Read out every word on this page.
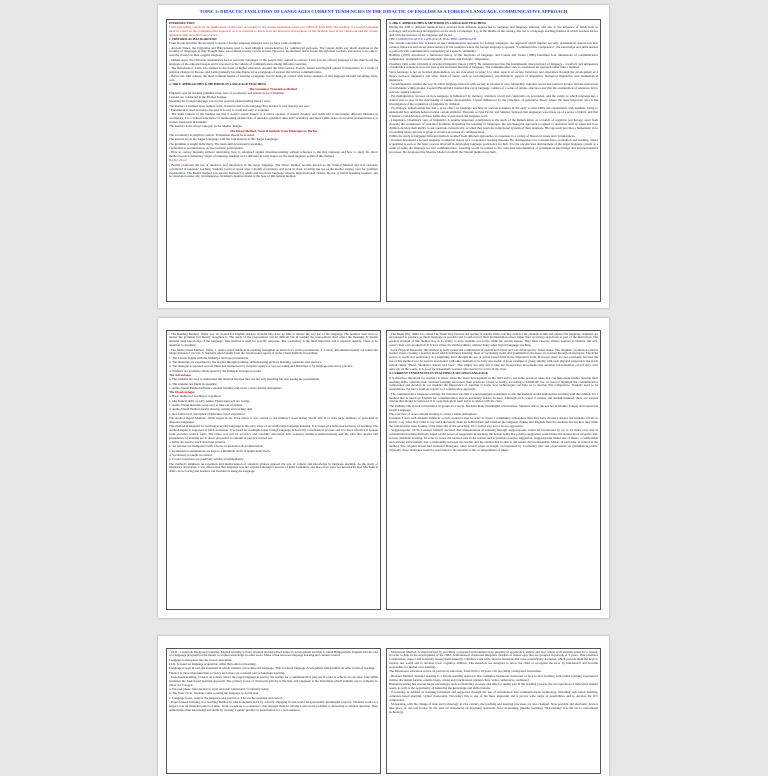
TOPIC 3: DIDACTIC EVOLUTION OF LANGUAGES CURRENT TENDENCIES IN THE DIDACTIC OF ENGLISH AS A FOREIGN LANGUAGE. COMMUNICATIVE APPROACH

INTRODUCTION

I will start telling you about the justification of this topic. According to our current legislation, based on LOMLOE from 2020, the teaching of a foreign language must be based on the communicative approach, so it is essential to know both the historical development of the methods used in the classroom and the current tendencies that lie behind our practice.

1. HISTORICAL BACKGROUND

From the ancient time the necessity to speak a foreign language emerged, here we have some examples:

- Ancient Times, the Egyptians and Babylonians used to need bilingual representatives for commercial purposes. The Greeks didn't pay much attention to the learning of languages as they thought there was nothing worthy to read abroad. However, the Romans learnt Greek through their teachers and slaves to be able to read the classics in their original language.

- Middle Ages, the Christian missionaries had to learn the languages of the people they wanted to convert. Latin was the official language of the church and the language of the educated people and it was used as the vehicle of communication among different countries.

- The Renaissance, Latin was studied as the basis of higher education. Around the 16th century, French, Italian and English gained in importance as a result of political changes in Europe, and Latin gradually became displaced as a language of spoken and written communication.

- Before the 19th century, the most common means of learning a language was by being in contact with native speakers of that language through travelling, trade, war...

2. 19th C APPROACHES & METHODS IN LANGUAGE TEACHING

The Grammar Translation Method.

Emphasis was on learning grammar rules, lists of vocabulary and sentences for translation.

Lessons are conducted in the Mother Tongue.

Speaking the foreign language was not the goal but understanding literary texts.

The learners translated great authors texts, classical ones so the language they learned is very literary, not real.

• Translation is used nowadays because it is easy to teach and easy to evaluate.

- The main failures of the method are that it doesn't sound natural to a native speaker, it doesn't develop oral skills and it encourages different mistakes in vocabulary, it is a tedious experience of memorizing endless lists of unusable grammar rules and vocabulary and there's little stress on accurate pronunciation as it creates frustration in students.

The learners don't always take part in the Mother Tongue.

The Direct Method. Natural methods from Montaigne to Berlitz

The vocabulary is taught in context. Translation should be avoided.

The lessons are in the Target Language with the explanations in this Target Language.

The grammar is taught inductively. The main skill developed is speaking.

• Attention to pronunciation. Active learners' participation.

- How to convey meaning without translating, how to safeguard against misunderstanding without reference to the first language and how to apply the direct method beyond elementary stages of language learning as it's different in early stages are the main negative points of this method.

Berlitz school

- Berlitz promoted the use of intensive oral interaction in the target language. The Direct method became known as the Natural Method and was seriously considered in language teaching. Students learnt to speak after a month of intensive oral work in class, avoiding the use of the mother tongue, ever for grammar explanations. The Berlitz method was used in business for adults and in private language schools, high motivated classes, the use of native speaking teachers, and no translation under any circumstances. Krashen's monitor model is the base of this natural method.

3. 20th C APPROACHES & METHODS IN LANGUAGE TEACHING

During the 20th C different methods have evolved from different approaches to language and language learning, and also to the influence of fields such as sociology and psychology & linguistics on the study of language. E.g. in the middle of the century, this led to a language teaching method in which teachers had to deal with the structure of the language and its use.

THE COMMUNICATIVE LANGUAGE TEACHING APPROACH

The current education law is based on the communicative approach for foreign languages. An approach which implies not only grammatical aspects but also cultural, historical and social characteristics of the countries where the foreign language is spoken. "Communicative competence", the knowledge and skills needed to perform with communicative competency in a speech community.

Halliday (1970) introduced a functional theory of the functions of language, and Canale and Swain (1980) identified four dimensions of communicative competence: grammatical, sociolinguistic, discourse and strategic competence.

Chomsky built some criticism of structural linguistic theory (1957). He demonstrated that the fundamental characteristics of language - creativity and uniqueness of individual sentences were not part of the structural theories of language. The communicative view is considered an approach rather than a method.

Since language is not an isolated phenomenon, we are concerned to relate it to other aspects of society, behaviour and experience through the development of a theory between linguistics and other fields of study, such as sociolinguistics, psychological aspects of linguistics, biological linguistics, and mathematical linguistics.

- Sociolinguistics, studies the way in which language interacts with society in relation to race, nationality, regional, social and political groups, and the interaction of individuals within groups. Leonard Bloomfield claimed that every language consists of a series of unique structures and that the examination of sentences led to concrete regular patterns.

- Psycholinguistics, focuses on how language is influenced by memory, attention, recall and constraints on perception, and the extent to which language has a central role to play in the functioning of human development. Crystal influenced by the principles of generative theory where the most important area is the investigation of the acquisition of language by children.

- Psychology, behaviourism has had a great effect on language teaching as various scientists in the early to mid-1900s did experiments with animals, trying to understand how animals behaved under certain stimulus. Theorists as Ivan Pavlov and Skinner, believed that languages were made up of a series of habits, and that if learners could develop all these habits they would speak the language well.

- Linguistics, Chomsky's view of linguistics is another important contribution to the study of the human mind, as a branch of cognitive psychology, apart from showing the weaknesses of structural grammar. Regarding the teaching of languages, the psychological approach is related to questions such as when and how children develop their ability to ask questions syntactically, or when they learn the inflectional systems of their language. His approach provides a humanistic view of teaching where priority is given to creative processes of communication.

Within the study of language different methods resulted from different approaches as responses to a variety of historical issues and circumstances.

- Krashen developed a second language acquisition theory in a cooperative learning theories. He distinguishes two concepts here, acquisition and learning, where acquisition is seen as the basic process involved in developing language proficiency for him. It is the unconscious development of the target language system as a result of using the language for real communication. Learning would be related to the conscious representation of grammatical knowledge and unconsciousness processes. He developed the Monitor Model on which the Natural method was built.

- The Reading Method. 1920s was 1st created for English learners in India who have no time to master the oral use of the language. The learners don't have to master the grammar but merely recognize it. The study of the prepositions can be difficult but in reading the prepositions don't affect the meaning. It doesn't demand deep knowledge of the language. This method is used for specific purposes. The vocabulary is the most important and it expands quickly. There is no attention to speaking.

- The Audio-visual Method. 1950s, 1. Audio-visual methods in teaching strengthen an instructor's verbal presentation. 2. Convey information mainly via sound and image instead of via text. 3. Students often benefit from the visual/sound appeal of audio-visual methods in teaching.

1. The Lesson begins with the filmstrips and tape presentation.

2. The materials are explained by the teacher through pointing, demonstrating pictures listening, questions and answers.

3. The dialogue is repeated several times and memorized by frequent replays of tape recording and filmstrips or by language laboratory practice.

4. Students are gradually emancipated by the filmstrip and tape recorder.

The Advantages

a. The students are easy to understand the material because they are not only listening but also seeing the presentation.

b. The students are fluent in speaking.

c. Audio-Visual Method influence student learning and create a more lasting atmosphere.

The Disadvantages

a. Basic method of teaching is repetition.

b. Mechanical drills of early Audio-Visual approach are boring.

c. Audio-Visual materials were easy to take out of misuse.

d. Audio-Visual method doesn't develop writing and reading skill.

e. Neo-behavioral conceptual of mistakes out of experience.

The Audio-Lingual Method, 1950s began in the USA where it was central to the military's need during World War II to train large numbers of personnel in disparate languages.

This method is intended for teaching everyday language at the early stage of second/foreign language learning. It is based on a behaviourist theory of learning. The Audio-Lingual is supposed to habit formation. It is based on assumption that foreign language is basically a mechanical process and it is more effective if spoken form precedes written form. The stress was put on accuracy and carefully structured drill sequence (mimicry-memorization) and the idea that quality and permanence of learning are in direct proportion to amount of practice carried out.

a. Drills are used to teach structural patterns.

b. Set phrases are memorized with a focus on intonation & pronunciation.

c. Grammatical explanations are kept to a minimum and it is taught inductively.

d. Vocabulary is taught in context.

e. Correct responses are positively reinforced immediately.

The method's emphasis on repetition and memorization of standard phrases ignored the role of context and knowledge in language learning. As the study of linguistics developed, it was discovered that language was not acquired through a process of habit formation, and that errors were not necessarily bad. Mechanical drills can be boring and learners can frustrate in using the language.

- The Silent Way 1960s it is called The Silent Way because the teacher is usually silent, leaving room for the students to talk and explore the language. Students are encouraged to produce as much language as possible and to self-correct their pronunciation errors rather than receiving corrections as part of the instruction. The greatest strength of this method lies in its ability to draw students out orally, while the teacher listens. They must exercise silence learners to monitor and self-correct their own production. It is here where the method shines, without many other logical language teaching.

- Total Physical Response, this method is built around the combination of speech and action and was developed by James Asher. The linguistic production reduces learner stress, creating a positive mood which facilitates learning, most of vocabulary items and grammatical structures are learned through an instructor. The main goal is to teach oral proficiency at a beginning level through the use of action-based drills in the imperative form. However, there are two problems, because the use of this method is to be used in association with other methods to be fully successful. A great example of group singing with total physical response is the grade school classic "Head, Shoulders, Knees, and Toes". This simply not only fun to sing but incorporates movements that students can remember even if they can't quite get all the words. It is good for kinaesthetic learners who need to be active in the class.

4. CURRENT TENDENCIES IN TEACHING A SECOND LANGUAGE

It is therefore important for teachers to know about the latest development in the field and to get some practical ideas that can help them further develop their teaching skills, optimize their students' learning and renew their practices. Closer to reality, according to LOMLOE law we need to highlight the communicative competence and develop in our students the importance of learning to learn, new technologies can help us to develop this competence. Students need to be autonomous. We move from an eclectic to a collaborative approach.

- The communicative language learning, the intention was that it would integrate translation so that the students would demonstrate learning with this talking. It's a method that is based on English for communication and an extremely learner-focused. Although each course is unique and student-initiated, there are various criteria that should be followed. It is a psychological form and it is related with the class.

The students talk in less conversation in groups in a circle. Students make meaningful conversation. Students talk to the teacher in Mother Tongue and respond in Target Language.

The overview of cross-cultural learning is create a stable atmosphere.

Example: I start with students sitting in a circle around a tape recorder to create a community atmosphere then they have chosen a subject the students tell me in Dutch: I say what they'd like to say and I discretely clean up behind them and translate the language chunks into English, then the students discuss how they think the conversation went looking at the transcript of the recording. It's a tactful way not to be too aggressive.

- Suggestopedia, 1970s Lozanov himself declared that memorization in learning through suggestopedia would be accelerated by up to 25 times over that in conventional learning methods, based on the power of suggestion in learning, the notion being that positive suggestion would make the learner more receptive and, in turn, stimulate learning. In order to create the relaxed state in the learner and to promote positive suggestion, suggestopedia makes use of music, a comfortable and relaxing environment, and a relationship between the teacher and the student that is akin to the parent-child relationship. Music, in particular, is central to the method. The original lesson had extended dialogues, often several pages in length, accompanied by vocabulary lists and observations on grammatical points. Typically, these dialogues would be read aloud to the students to the accompaniment of music.

- CLIL, Content & Integrated Learning. English learning is more oriented around school subject's development and this is called Bilingualism. English isn't the end of a language program but the means to acquire knowledge in other areas. Make a link between language learning and content around.

Language is integrated into the broad curriculum.

CLIL is based on language acquisition rather than enforced learning.

Language is seen in real-life situations in which students can acquire the language. This is natural language development which builds on other forms of learning.

Fluency is more important than accuracy and errors are a natural part of language learning.

- Task-based learning, a task is an activity where the target language is used by the learner for a communicative purpose in order to achieve an outcome. Jane Willis promotes the Task-based learning approach. The primary focus of classroom activity is the task, and language is the instrument which students use to complete it. There are 3 stages:

a. Pre-task phase, introduction to topic and task: brainstorm, vocabulary using.

b. The Task Cycle. Students come to using the language to do the task.

c. Language focus, analyse the language and practice it. The teacher explains and correct.

- Project-based learning, is a teaching method in which students learn by actively engaging in real-world and personally meaningful projects. Students work on a project over an extended period of time - from a week up to a semester - that engages them in solving a real-world problem or answering a complex question. They demonstrate their knowledge and skills by creating a public product or presentation for a real audience.

- Montessori Method, is characterized by providing a prepared environment: tidy, pleasing in appearance, simple and real, where each element exists for a reason, in order to help in the development of the child. A Montessori classroom integrates children of mixed ages that are grouped in periods of 3 years. This promotes socialization, respect and solidarity among them naturally. Children work with concrete materials that were scientifically designed, which provide them the keys to explore our world and to develop basic cognitive abilities. The materials are designed to allow the child to recognize the error by him/herself and become responsible for his/her own learning.

The Montessori education covers all periods in education, from birth to 18 years old, providing a integrated curriculum.

- Blended Method, blended learning is a hybrid learning approach that combines traditional classroom of face-to-face learning with online learning experiences (online discussion forums, emails, blogs, wikis) and synchronous (instant chats, video conferences, webinars).

Blended learning has several major advantages, such as flexibility in space and time for taking part in the learning process, the incorporation of individual student needs, as well as the opportunity of balancing the knowledge and skills transfer.

- E-learning, is defined as learning facilitated and supported through the use of information and communications technology, including web-based learning, computer-based learning, virtual classrooms. Nowadays this is one of the most important and it proves wide range of possibilities and to develop the ICT competence.

- M-learning, with the change of time and technology in 21st century, the teaching and learning processes are also changed. Now portable and electronic devices take place of old text books. In the past we introduced an elearning approach. Now m-learning (mobile learning) "M-Learning" has the set to educational technology.
